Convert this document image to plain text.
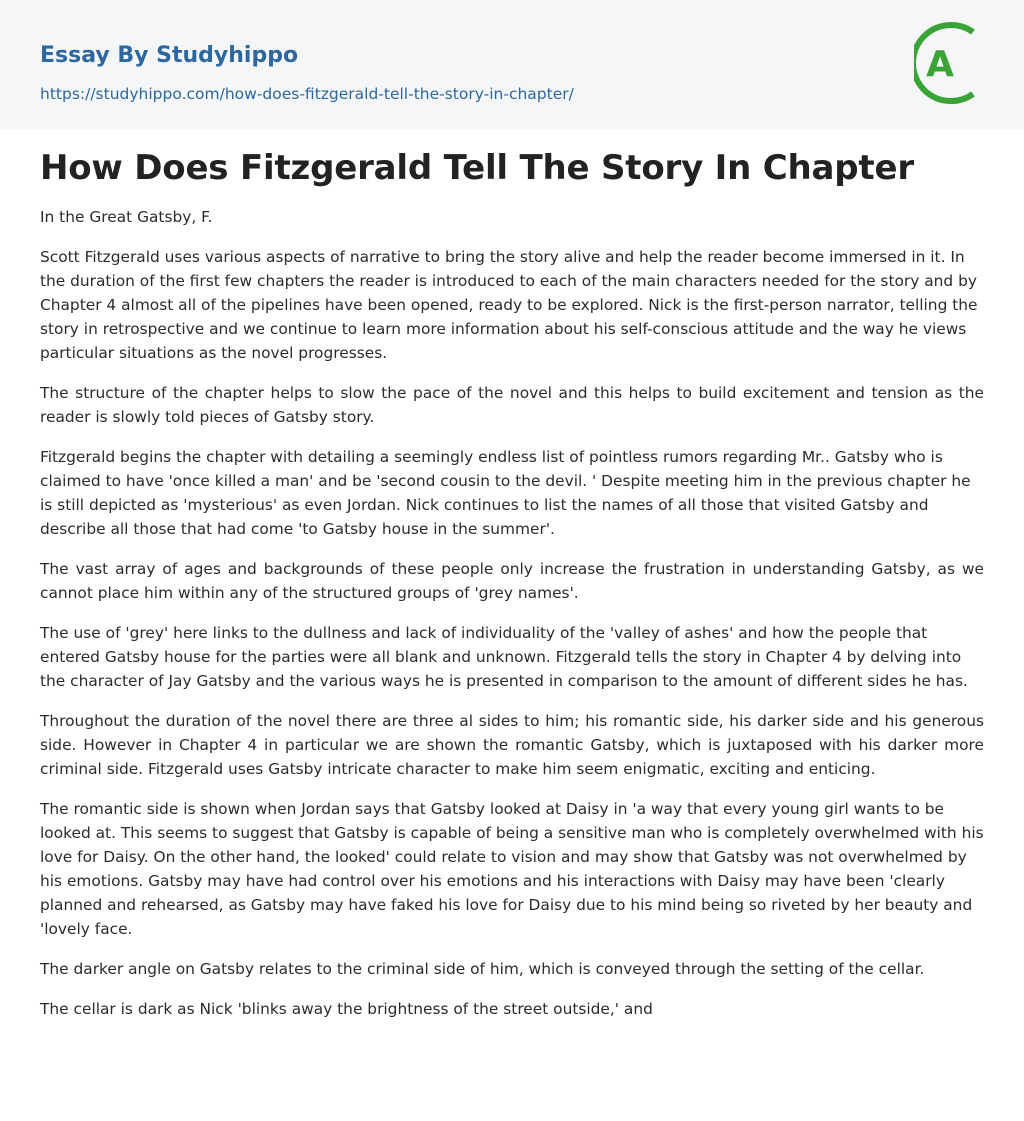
Essay By Studyhippo
https://studyhippo.com/how-does-fitzgerald-tell-the-story-in-chapter/
A
How Does Fitzgerald Tell The Story In Chapter

In the Great Gatsby, F.

Scott Fitzgerald uses various aspects of narrative to bring the story alive and help the reader become immersed in it. In the duration of the first few chapters the reader is introduced to each of the main characters needed for the story and by Chapter 4 almost all of the pipelines have been opened, ready to be explored. Nick is the first-person narrator, telling the story in retrospective and we continue to learn more information about his self-conscious attitude and the way he views particular situations as the novel progresses.

The structure of the chapter helps to slow the pace of the novel and this helps to build excitement and tension as the reader is slowly told pieces of Gatsby story.

Fitzgerald begins the chapter with detailing a seemingly endless list of pointless rumors regarding Mr.. Gatsby who is claimed to have 'once killed a man' and be 'second cousin to the devil. ' Despite meeting him in the previous chapter he is still depicted as 'mysterious' as even Jordan. Nick continues to list the names of all those that visited Gatsby and describe all those that had come 'to Gatsby house in the summer'.

The vast array of ages and backgrounds of these people only increase the frustration in understanding Gatsby, as we cannot place him within any of the structured groups of 'grey names'.

The use of 'grey' here links to the dullness and lack of individuality of the 'valley of ashes' and how the people that entered Gatsby house for the parties were all blank and unknown. Fitzgerald tells the story in Chapter 4 by delving into the character of Jay Gatsby and the various ways he is presented in comparison to the amount of different sides he has.

Throughout the duration of the novel there are three al sides to him; his romantic side, his darker side and his generous side. However in Chapter 4 in particular we are shown the romantic Gatsby, which is juxtaposed with his darker more criminal side. Fitzgerald uses Gatsby intricate character to make him seem enigmatic, exciting and enticing.

The romantic side is shown when Jordan says that Gatsby looked at Daisy in 'a way that every young girl wants to be looked at. This seems to suggest that Gatsby is capable of being a sensitive man who is completely overwhelmed with his love for Daisy. On the other hand, the looked' could relate to vision and may show that Gatsby was not overwhelmed by his emotions. Gatsby may have had control over his emotions and his interactions with Daisy may have been 'clearly planned and rehearsed, as Gatsby may have faked his love for Daisy due to his mind being so riveted by her beauty and 'lovely face.

The darker angle on Gatsby relates to the criminal side of him, which is conveyed through the setting of the cellar.

The cellar is dark as Nick 'blinks away the brightness of the street outside,' and
